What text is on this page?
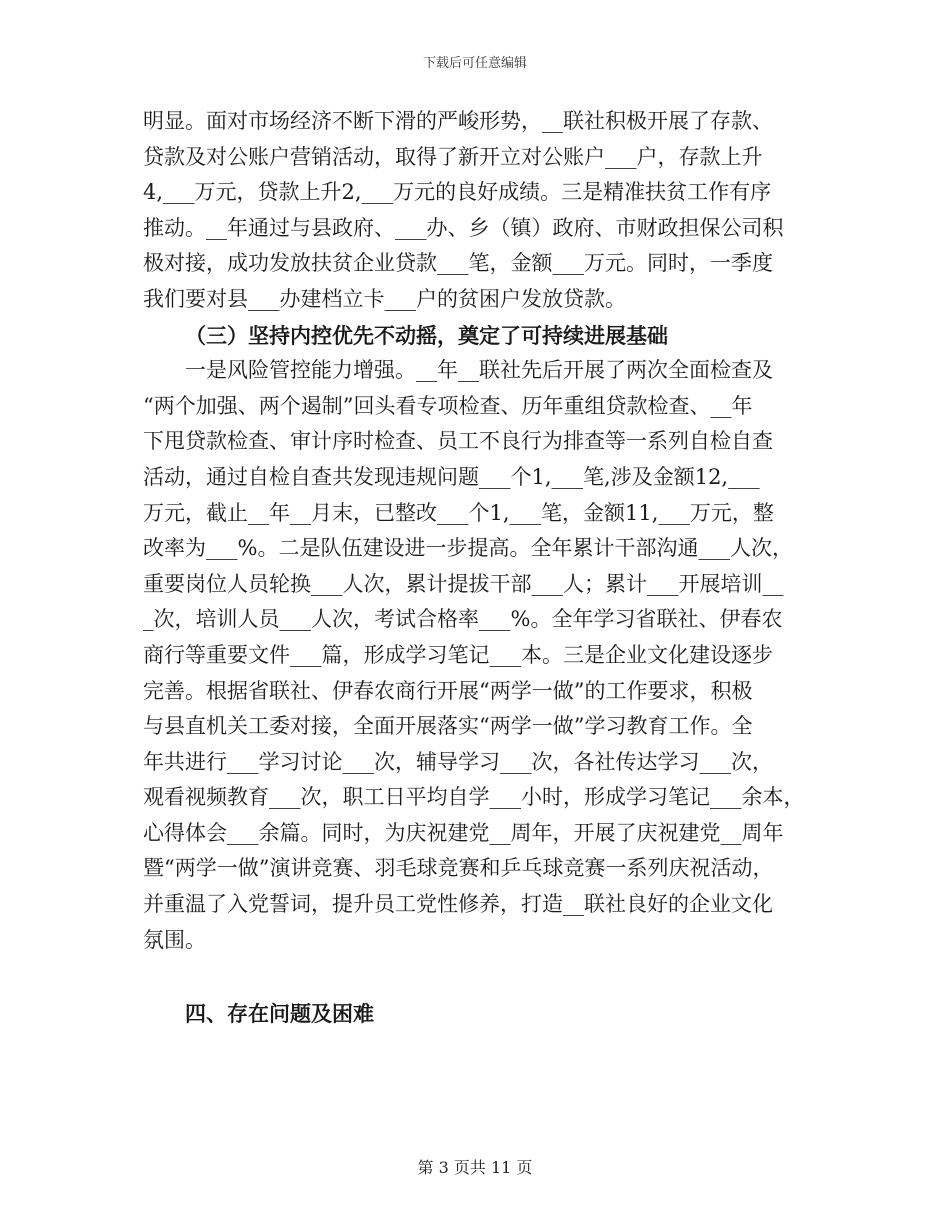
下载后可任意编辑
明显。面对市场经济不断下滑的严峻形势，__联社积极开展了存款、
贷款及对公账户营销活动，取得了新开立对公账户___户，存款上升
4,___万元，贷款上升2,___万元的良好成绩。三是精准扶贫工作有序
推动。__年通过与县政府、___办、乡（镇）政府、市财政担保公司积
极对接，成功发放扶贫企业贷款___笔，金额___万元。同时，一季度
我们要对县___办建档立卡___户的贫困户发放贷款。
（三）坚持内控优先不动摇，奠定了可持续进展基础
一是风险管控能力增强。__年__联社先后开展了两次全面检查及
“两个加强、两个遏制”回头看专项检查、历年重组贷款检查、__年
下甩贷款检查、审计序时检查、员工不良行为排查等一系列自检自查
活动，通过自检自查共发现违规问题___个1,___笔,涉及金额12,___
万元，截止__年__月末，已整改___个1,___笔，金额11,___万元，整
改率为___%。二是队伍建设进一步提高。全年累计干部沟通___人次，
重要岗位人员轮换___人次，累计提拔干部___人；累计___开展培训__
_次，培训人员___人次，考试合格率___%。全年学习省联社、伊春农
商行等重要文件___篇，形成学习笔记___本。三是企业文化建设逐步
完善。根据省联社、伊春农商行开展“两学一做”的工作要求，积极
与县直机关工委对接，全面开展落实“两学一做”学习教育工作。全
年共进行___学习讨论___次，辅导学习___次，各社传达学习___次，
观看视频教育___次，职工日平均自学___小时，形成学习笔记___余本，
心得体会___余篇。同时，为庆祝建党__周年，开展了庆祝建党__周年
暨“两学一做”演讲竞赛、羽毛球竞赛和乒乓球竞赛一系列庆祝活动，
并重温了入党誓词，提升员工党性修养，打造__联社良好的企业文化
氛围。
四、存在问题及困难
第 3 页共 11 页
